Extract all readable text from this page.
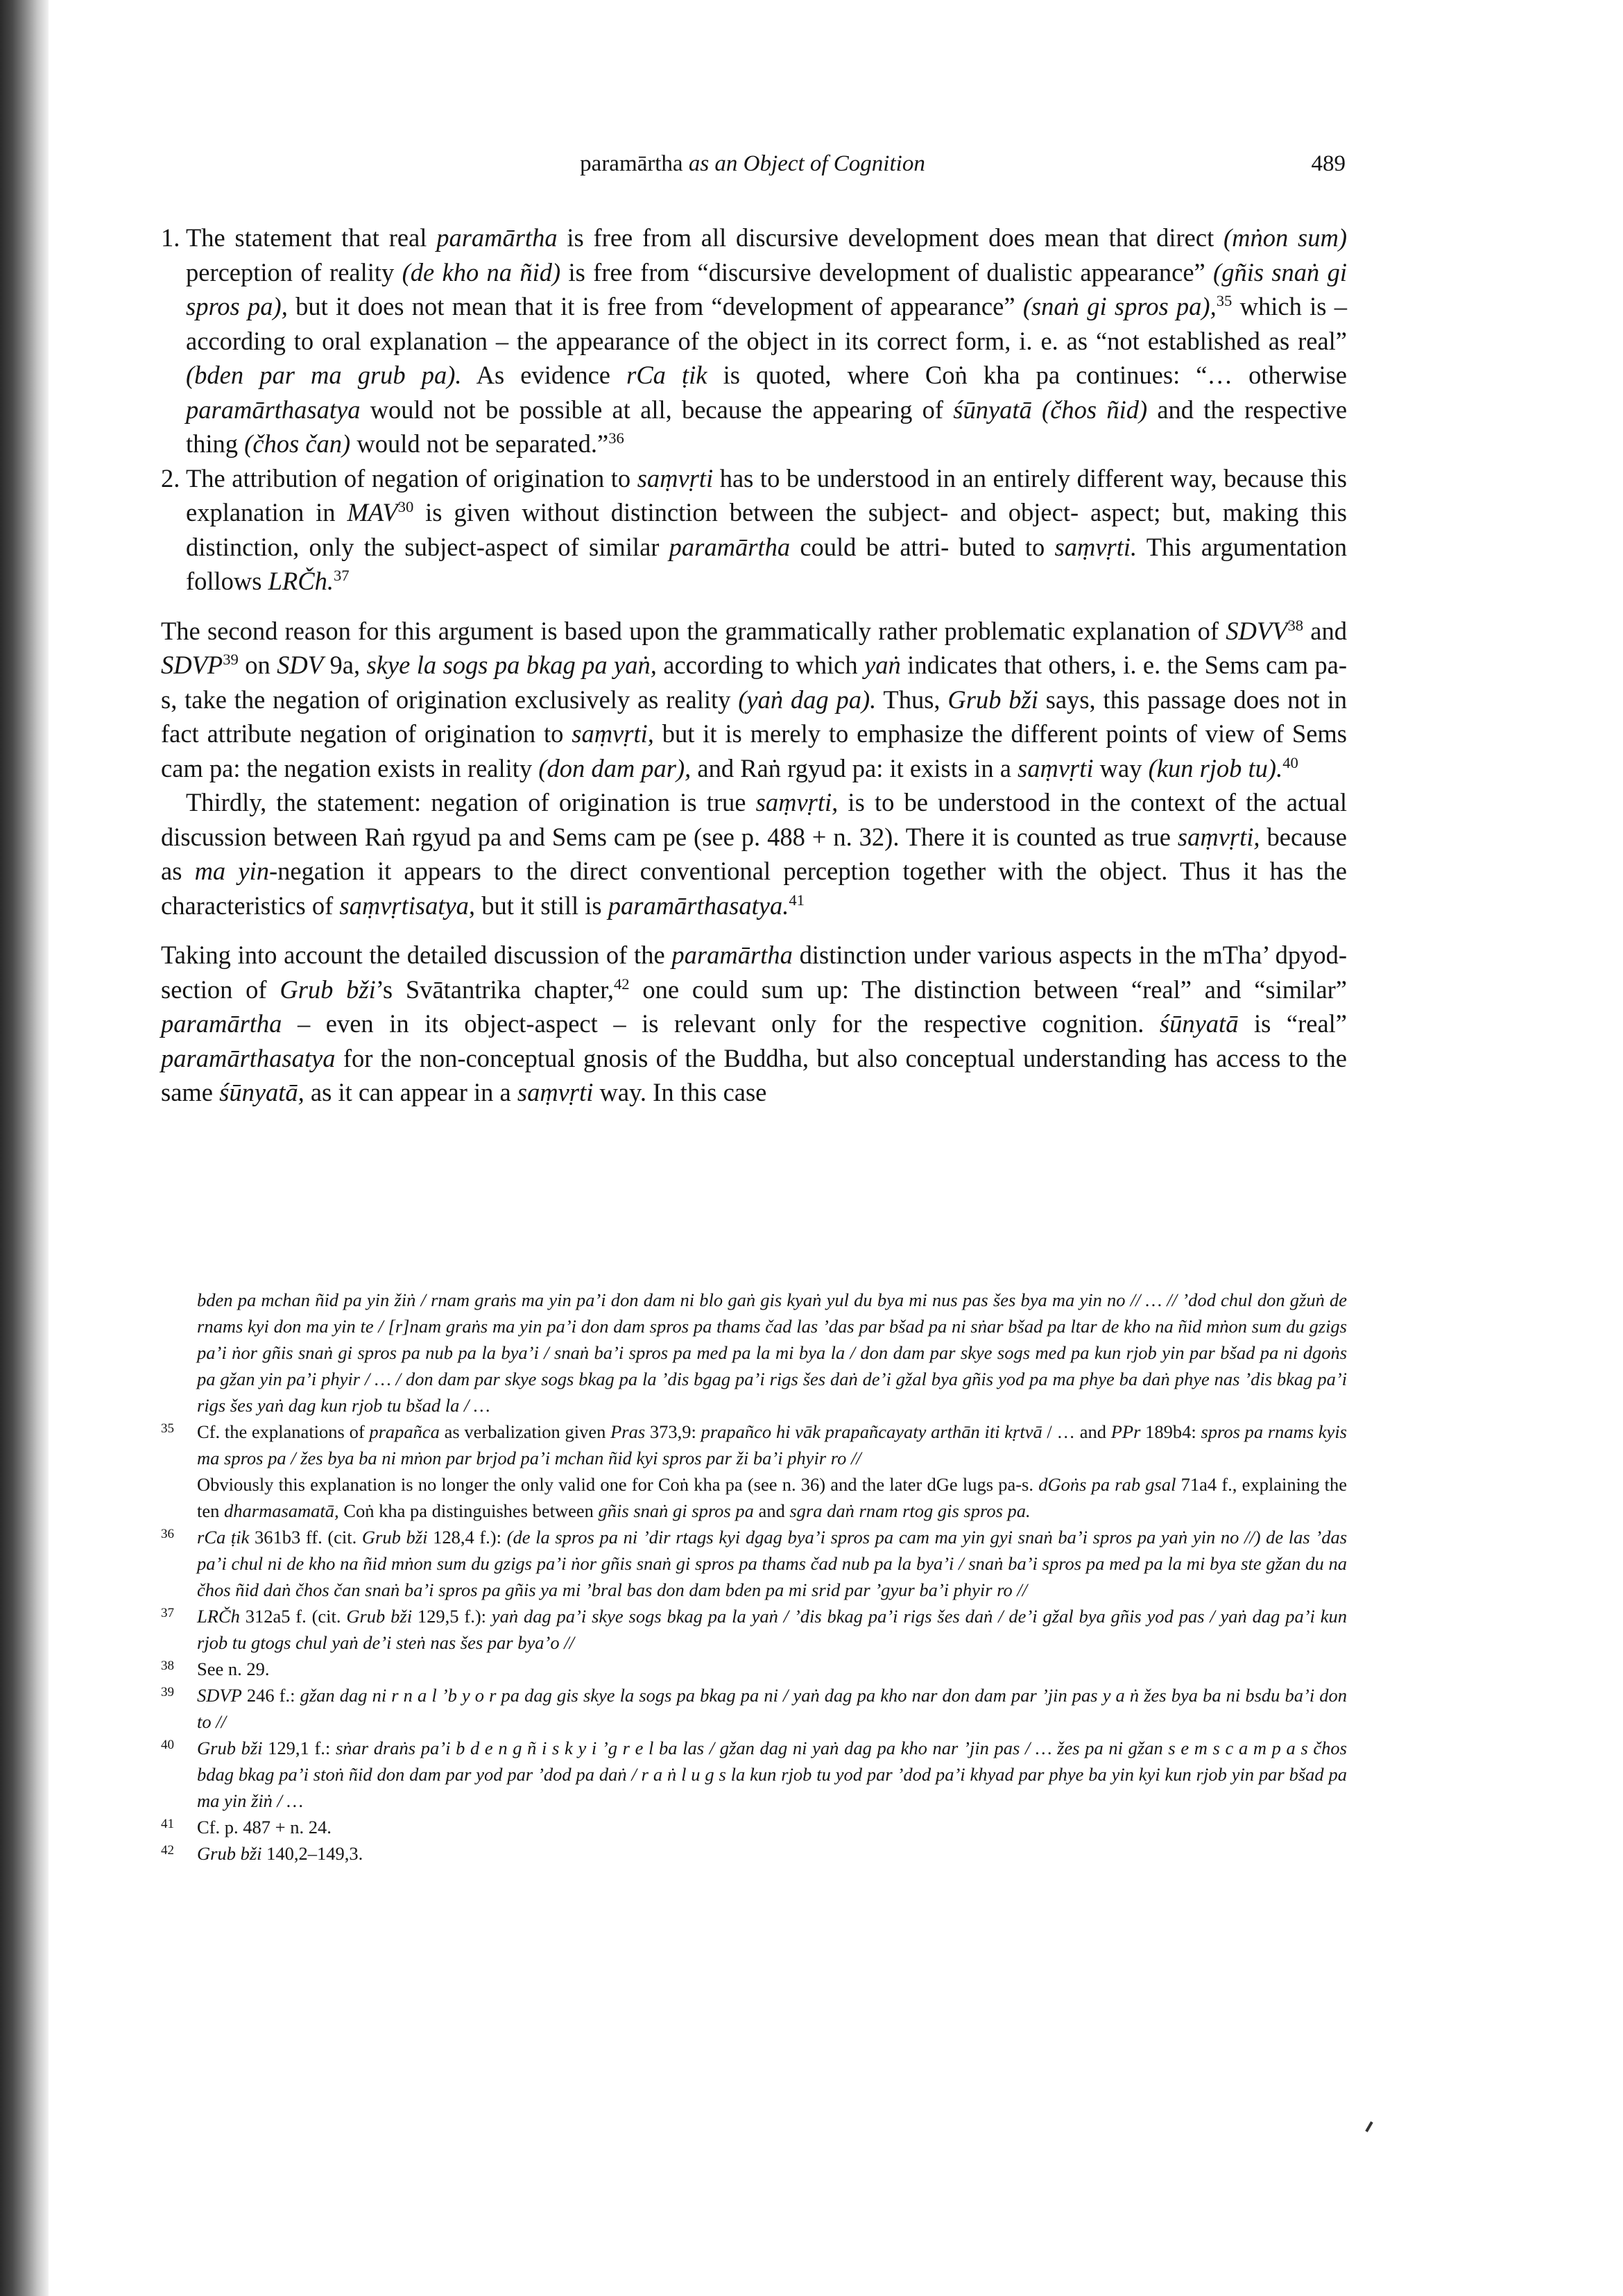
paramārtha as an Object of Cognition	489
1. The statement that real paramārtha is free from all discursive development does mean that direct (mṅon sum) perception of reality (de kho na ñid) is free from “discursive development of dualistic appearance” (gñis snaṅ gi spros pa), but it does not mean that it is free from “development of appearance” (snaṅ gi spros pa),$^{35}$ which is – according to oral explanation – the appearance of the object in its correct form, i. e. as “not established as real” (bden par ma grub pa). As evidence rCa ṭik is quoted, where Coṅ kha pa continues: “… otherwise paramārthasatya would not be possible at all, because the appearing of śūnyatā (čhos ñid) and the respective thing (čhos čan) would not be separated.”$^{36}$
2. The attribution of negation of origination to saṃvṛti has to be understood in an entirely different way, because this explanation in MAV$^{30}$ is given without distinction between the subject- and object- aspect; but, making this distinction, only the subject-aspect of similar paramārtha could be attri- buted to saṃvṛti. This argumentation follows LRČh.$^{37}$

The second reason for this argument is based upon the grammatically rather problematic explanation of SDVV$^{38}$ and SDVP$^{39}$ on SDV 9a, skye la sogs pa bkag pa yaṅ, according to which yaṅ indicates that others, i. e. the Sems cam pa-s, take the negation of origination exclusively as reality (yaṅ dag pa). Thus, Grub bži says, this passage does not in fact attribute negation of origination to saṃvṛti, but it is merely to emphasize the different points of view of Sems cam pa: the negation exists in reality (don dam par), and Raṅ rgyud pa: it exists in a saṃvṛti way (kun rjob tu).$^{40}$

Thirdly, the statement: negation of origination is true saṃvṛti, is to be understood in the context of the actual discussion between Raṅ rgyud pa and Sems cam pe (see p. 488 + n. 32). There it is counted as true saṃvṛti, because as ma yin-negation it appears to the direct conventional perception together with the object. Thus it has the characteristics of saṃvṛtisatya, but it still is paramārthasatya.$^{41}$

Taking into account the detailed discussion of the paramārtha distinction under various aspects in the mTha’ dpyod-section of Grub bži’s Svātantrika chapter,$^{42}$ one could sum up: The distinction between “real” and “similar” paramārtha – even in its object-aspect – is relevant only for the respective cognition. śūnyatā is “real” paramārthasatya for the non-conceptual gnosis of the Buddha, but also conceptual understanding has access to the same śūnyatā, as it can appear in a saṃvṛti way. In this case

bden pa mchan ñid pa yin žiṅ / rnam graṅs ma yin pa’i don dam ni blo gaṅ gis kyaṅ yul du bya mi nus pas šes bya ma yin no // … // ’dod chul don gžuṅ de rnams kyi don ma yin te / [r]nam graṅs ma yin pa’i don dam spros pa thams čad las ’das par bšad pa ni sṅar bšad pa ltar de kho na ñid mṅon sum du gzigs pa’i ṅor gñis snaṅ gi spros pa nub pa la bya’i / snaṅ ba’i spros pa med pa la mi bya la / don dam par skye sogs med pa kun rjob yin par bšad pa ni dgoṅs pa gžan yin pa’i phyir / … / don dam par skye sogs bkag pa la ’dis bgag pa’i rigs šes daṅ de’i gžal bya gñis yod pa ma phye ba daṅ phye nas ’dis bkag pa’i rigs šes yaṅ dag kun rjob tu bšad la / …

35 Cf. the explanations of prapañca as verbalization given Pras 373,9: prapañco hi vāk prapañcayaty arthān iti kṛtvā / … and PPr 189b4: spros pa rnams kyis ma spros pa / žes bya ba ni mṅon par brjod pa’i mchan ñid kyi spros par ži ba’i phyir ro //

Obviously this explanation is no longer the only valid one for Coṅ kha pa (see n. 36) and the later dGe lugs pa-s. dGoṅs pa rab gsal 71a4 f., explaining the ten dharmasamatā, Coṅ kha pa distinguishes between gñis snaṅ gi spros pa and sgra daṅ rnam rtog gis spros pa.

36 rCa ṭik 361b3 ff. (cit. Grub bži 128,4 f.): (de la spros pa ni ’dir rtags kyi dgag bya’i spros pa cam ma yin gyi snaṅ ba’i spros pa yaṅ yin no //) de las ’das pa’i chul ni de kho na ñid mṅon sum du gzigs pa’i ṅor gñis snaṅ gi spros pa thams čad nub pa la bya’i / snaṅ ba’i spros pa med pa la mi bya ste gžan du na čhos ñid daṅ čhos čan snaṅ ba’i spros pa gñis ya mi ’bral bas don dam bden pa mi srid par ’gyur ba’i phyir ro //

37 LRČh 312a5 f. (cit. Grub bži 129,5 f.): yaṅ dag pa’i skye sogs bkag pa la yaṅ / ’dis bkag pa’i rigs šes daṅ / de’i gžal bya gñis yod pas / yaṅ dag pa’i kun rjob tu gtogs chul yaṅ de’i steṅ nas šes par bya’o //

38 See n. 29.

39 SDVP 246 f.: gžan dag ni r n a l ’b y o r pa dag gis skye la sogs pa bkag pa ni / yaṅ dag pa kho nar don dam par ’jin pas y a ṅ žes bya ba ni bsdu ba’i don to //

40 Grub bži 129,1 f.: sṅar draṅs pa’i b d e n g ñ i s k y i ’g r e l ba las / gžan dag ni yaṅ dag pa kho nar ’jin pas / … žes pa ni gžan s e m s c a m p a s čhos bdag bkag pa’i stoṅ ñid don dam par yod par ’dod pa daṅ / r a ṅ l u g s la kun rjob tu yod par ’dod pa’i khyad par phye ba yin kyi kun rjob yin par bšad pa ma yin žiṅ / …

41 Cf. p. 487 + n. 24.

42 Grub bži 140,2–149,3.
